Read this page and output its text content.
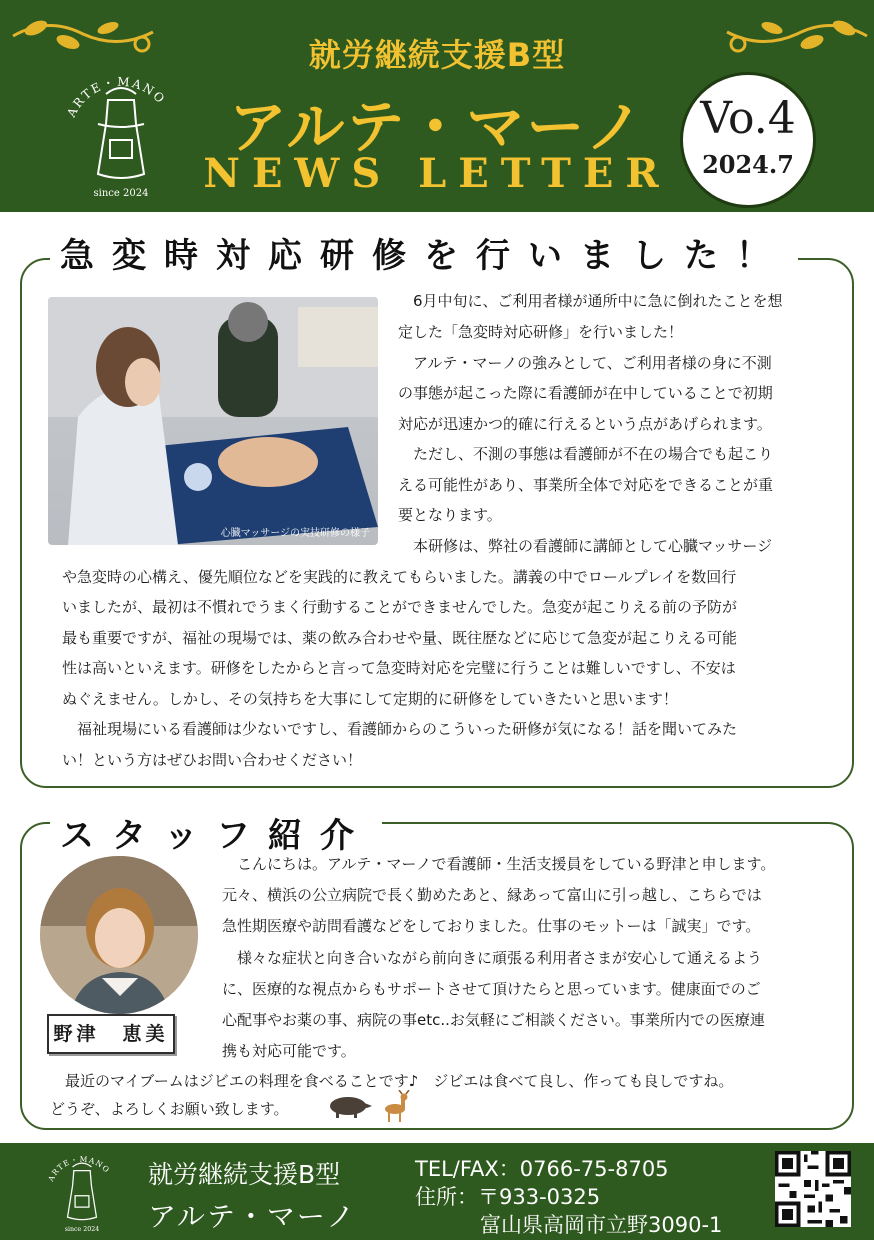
ARTE・MANO
since 2024
就労継続支援B型
アルテ・マーノ
NEWS LETTER
Vo.4
2024.7
急変時対応研修を行いました！
心臓マッサージの実技研修の様子

　6月中旬に、ご利用者様が通所中に急に倒れたことを想

定した「急変時対応研修」を行いました！

　アルテ・マーノの強みとして、ご利用者様の身に不測

の事態が起こった際に看護師が在中していることで初期

対応が迅速かつ的確に行えるという点があげられます。

　ただし、不測の事態は看護師が不在の場合でも起こり

える可能性があり、事業所全体で対応をできることが重

要となります。

　本研修は、弊社の看護師に講師として心臓マッサージ

や急変時の心構え、優先順位などを実践的に教えてもらいました。講義の中でロールプレイを数回行

いましたが、最初は不慣れでうまく行動することができませんでした。急変が起こりえる前の予防が

最も重要ですが、福祉の現場では、薬の飲み合わせや量、既往歴などに応じて急変が起こりえる可能

性は高いといえます。研修をしたからと言って急変時対応を完璧に行うことは難しいですし、不安は

ぬぐえません。しかし、その気持ちを大事にして定期的に研修をしていきたいと思います！

　福祉現場にいる看護師は少ないですし、看護師からのこういった研修が気になる！話を聞いてみた

い！という方はぜひお問い合わせください！

スタッフ紹介
野津　恵美

　こんにちは。アルテ・マーノで看護師・生活支援員をしている野津と申します。

元々、横浜の公立病院で長く勤めたあと、縁あって富山に引っ越し、こちらでは

急性期医療や訪問看護などをしておりました。仕事のモットーは「誠実」です。

　様々な症状と向き合いながら前向きに頑張る利用者さまが安心して通えるよう

に、医療的な視点からもサポートさせて頂けたらと思っています。健康面でのご

心配事やお薬の事、病院の事etc..お気軽にご相談ください。事業所内での医療連

携も対応可能です。

　最近のマイブームはジビエの料理を食べることです♪　ジビエは食べて良し、作っても良しですね。

どうぞ、よろしくお願い致します。

就労継続支援B型
アルテ・マーノ
TEL/FAX：0766-75-8705
住所：〒933-0325
富山県高岡市立野3090-1
ARTE・MANO
since 2024
